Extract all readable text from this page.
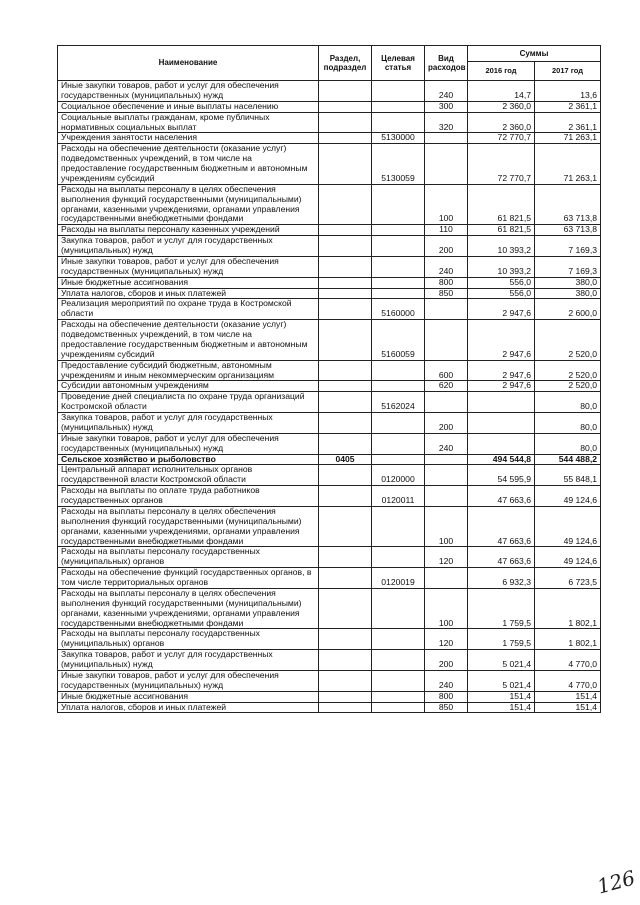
Наименование	Раздел, подраздел	Целевая статья	Вид расходов	Суммы	
				2016 год	2017 год
Иные закупки товаров, работ и услуг для обеспечения государственных (муниципальных) нужд			240	14,7	13,6
Социальное обеспечение и иные выплаты населению			300	2 360,0	2 361,1
Социальные выплаты гражданам, кроме публичных нормативных социальных выплат			320	2 360,0	2 361,1
Учреждения занятости населения		5130000		72 770,7	71 263,1
Расходы на обеспечение деятельности (оказание услуг) подведомственных учреждений, в том числе на предоставление государственным бюджетным и автономным учреждениям субсидий		5130059		72 770,7	71 263,1
Расходы на выплаты персоналу в целях обеспечения выполнения функций государственными (муниципальными) органами, казенными учреждениями, органами управления государственными внебюджетными фондами			100	61 821,5	63 713,8
Расходы на выплаты персоналу казенных учреждений			110	61 821,5	63 713,8
Закупка товаров, работ и услуг для государственных (муниципальных) нужд			200	10 393,2	7 169,3
Иные закупки товаров, работ и услуг для обеспечения государственных (муниципальных) нужд			240	10 393,2	7 169,3
Иные бюджетные ассигнования			800	556,0	380,0
Уплата налогов, сборов и иных платежей			850	556,0	380,0
Реализация мероприятий по охране труда в Костромской области		5160000		2 947,6	2 600,0
Расходы на обеспечение деятельности (оказание услуг) подведомственных учреждений, в том числе на предоставление государственным бюджетным и автономным учреждениям субсидий		5160059		2 947,6	2 520,0
Предоставление субсидий бюджетным, автономным учреждениям и иным некоммерческим организациям			600	2 947,6	2 520,0
Субсидии автономным учреждениям			620	2 947,6	2 520,0
Проведение дней специалиста по охране труда организаций Костромской области		5162024			80,0
Закупка товаров, работ и услуг для государственных (муниципальных) нужд			200		80,0
Иные закупки товаров, работ и услуг для обеспечения государственных (муниципальных) нужд			240		80,0
Сельское хозяйство и рыболовство	0405			494 544,8	544 488,2
Центральный аппарат исполнительных органов государственной власти Костромской области		0120000		54 595,9	55 848,1
Расходы на выплаты по оплате труда работников государственных органов		0120011		47 663,6	49 124,6
Расходы на выплаты персоналу в целях обеспечения выполнения функций государственными (муниципальными) органами, казенными учреждениями, органами управления государственными внебюджетными фондами			100	47 663,6	49 124,6
Расходы на выплаты персоналу государственных (муниципальных) органов			120	47 663,6	49 124,6
Расходы на обеспечение функций государственных органов, в том числе территориальных органов		0120019		6 932,3	6 723,5
Расходы на выплаты персоналу в целях обеспечения выполнения функций государственными (муниципальными) органами, казенными учреждениями, органами управления государственными внебюджетными фондами			100	1 759,5	1 802,1
Расходы на выплаты персоналу государственных (муниципальных) органов			120	1 759,5	1 802,1
Закупка товаров, работ и услуг для государственных (муниципальных) нужд			200	5 021,4	4 770,0
Иные закупки товаров, работ и услуг для обеспечения государственных (муниципальных) нужд			240	5 021,4	4 770,0
Иные бюджетные ассигнования			800	151,4	151,4
Уплата налогов, сборов и иных платежей			850	151,4	151,4
126
